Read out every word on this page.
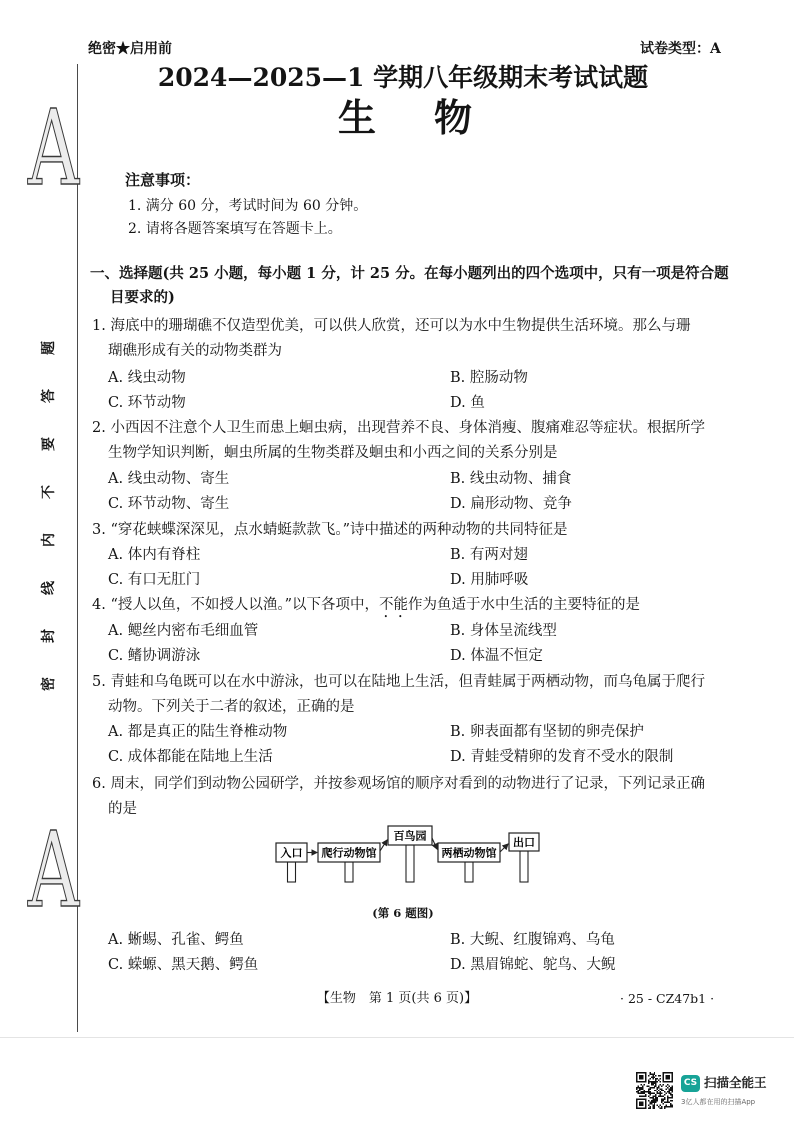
A
A
密封线内不要答题
绝密★启用前	试卷类型：A
2024—2025—1 学期八年级期末考试试题
生物
注意事项：
1. 满分 60 分，考试时间为 60 分钟。
2. 请将各题答案填写在答题卡上。
一、选择题(共 25 小题，每小题 1 分，计 25 分。在每小题列出的四个选项中，只有一项是符合题
目要求的)
1. 海底中的珊瑚礁不仅造型优美，可以供人欣赏，还可以为水中生物提供生活环境。那么与珊
瑚礁形成有关的动物类群为
A. 线虫动物	B. 腔肠动物
C. 环节动物	D. 鱼
2. 小西因不注意个人卫生而患上蛔虫病，出现营养不良、身体消瘦、腹痛难忍等症状。根据所学
生物学知识判断，蛔虫所属的生物类群及蛔虫和小西之间的关系分别是
A. 线虫动物、寄生	B. 线虫动物、捕食
C. 环节动物、寄生	D. 扁形动物、竞争
3. “穿花蛱蝶深深见，点水蜻蜓款款飞。”诗中描述的两种动物的共同特征是
A. 体内有脊柱	B. 有两对翅
C. 有口无肛门	D. 用肺呼吸
4. “授人以鱼，不如授人以渔。”以下各项中，不能作为鱼适于水中生活的主要特征的是
A. 鳃丝内密布毛细血管	B. 身体呈流线型
C. 鳍协调游泳	D. 体温不恒定
5. 青蛙和乌龟既可以在水中游泳，也可以在陆地上生活，但青蛙属于两栖动物，而乌龟属于爬行
动物。下列关于二者的叙述，正确的是
A. 都是真正的陆生脊椎动物	B. 卵表面都有坚韧的卵壳保护
C. 成体都能在陆地上生活	D. 青蛙受精卵的发育不受水的限制
6. 周末，同学们到动物公园研学，并按参观场馆的顺序对看到的动物进行了记录，下列记录正确
的是
入口 爬行动物馆
百鸟园
两栖动物馆
出口
(第 6 题图)
A. 蜥蜴、孔雀、鳄鱼	B. 大鲵、红腹锦鸡、乌龟
C. 蝾螈、黑天鹅、鳄鱼	D. 黑眉锦蛇、鸵鸟、大鲵
【生物　第 1 页(共 6 页)】	· 25 - CZ47b1 ·
CS 扫描全能王
3亿人都在用的扫描App
